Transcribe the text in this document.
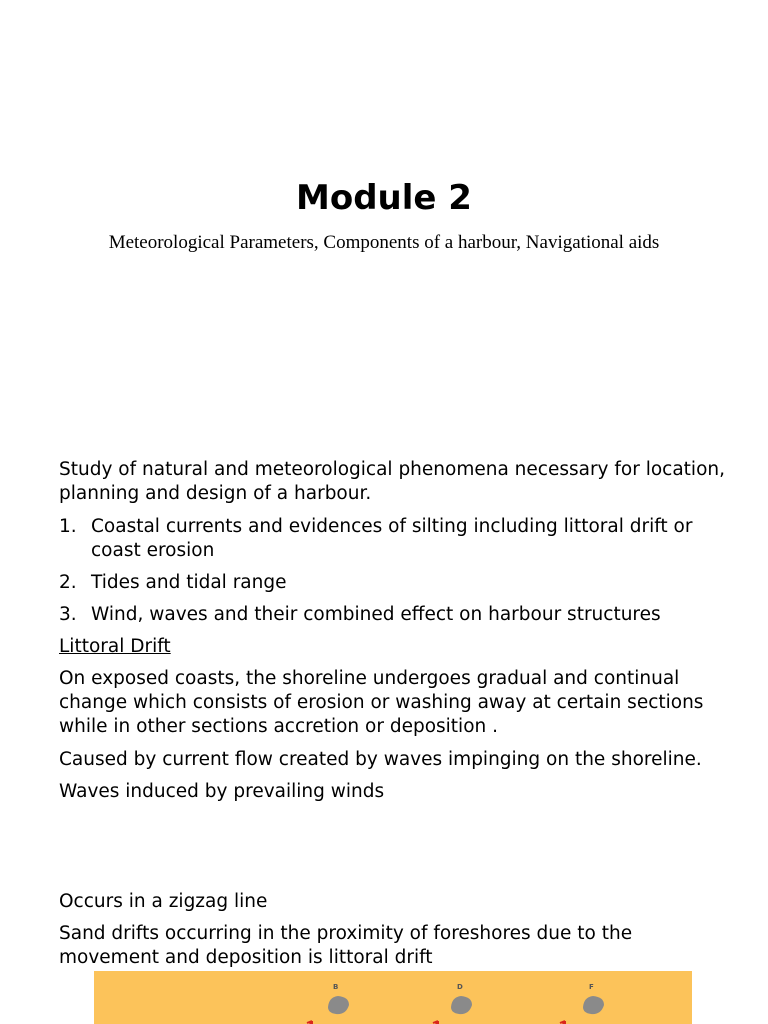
Module 2

Meteorological Parameters, Components of a harbour, Navigational aids

Study of natural and meteorological phenomena necessary for location, planning and design of a harbour.

1. Coastal currents and evidences of silting including littoral drift or coast erosion
2. Tides and tidal range
3. Wind, waves and their combined effect on harbour structures

Littoral Drift

On exposed coasts, the shoreline undergoes gradual and continual change which consists of erosion or washing away at certain sections while in other sections accretion or deposition .

Caused by current flow created by waves impinging on the shoreline.

Waves induced by prevailing winds

Occurs in a zigzag line

Sand drifts occurring in the proximity of foreshores due to the movement and deposition is littoral drift

B	D	F
